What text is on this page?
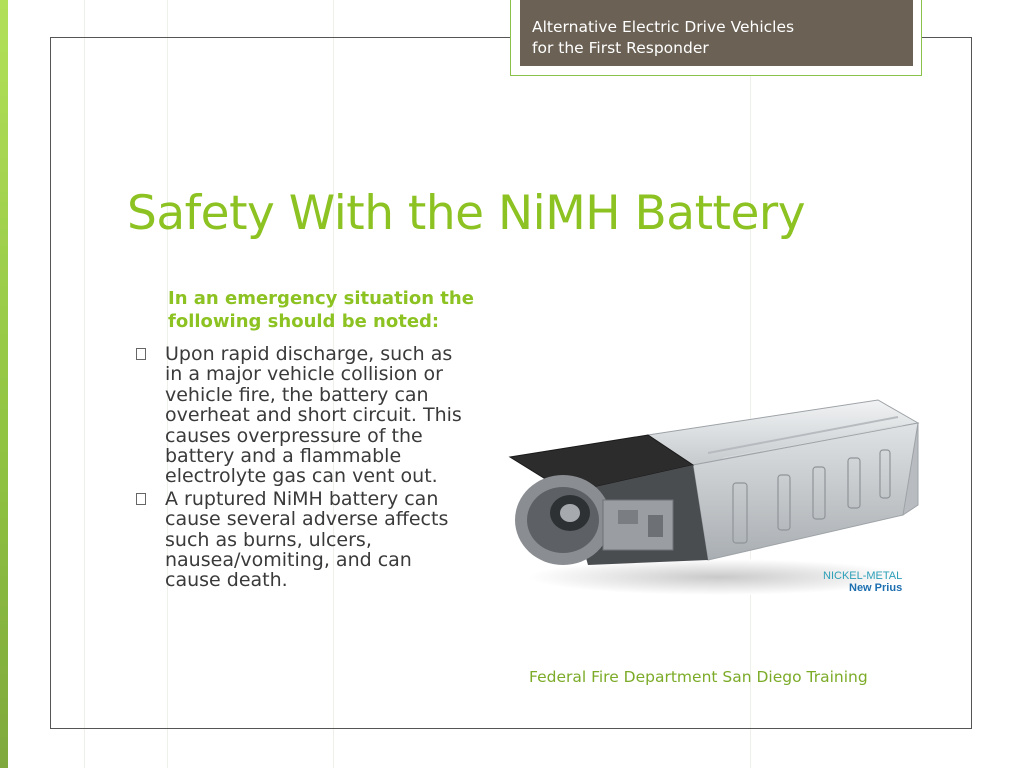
Alternative Electric Drive Vehicles
for the First Responder
Safety With the NiMH Battery
In an emergency situation the
following should be noted:
Upon rapid discharge, such as
in a major vehicle collision or
vehicle fire, the battery can
overheat and short circuit. This
causes overpressure of the
battery and a flammable
electrolyte gas can vent out.
A ruptured NiMH battery can
cause several adverse affects
such as burns, ulcers,
nausea/vomiting, and can
cause death.	NICKEL-METAL
New Prius
Federal Fire Department San Diego Training
